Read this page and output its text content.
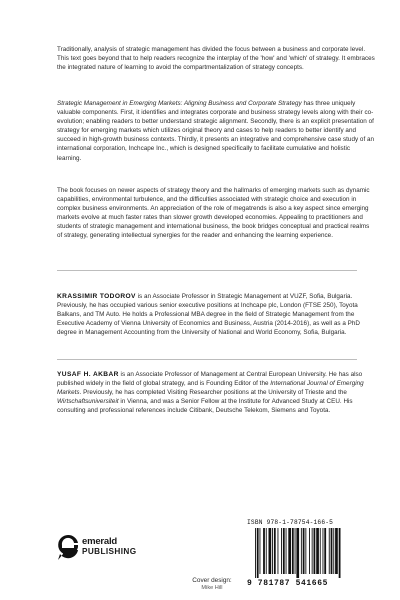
Traditionally, analysis of strategic management has divided the focus between a business and corporate level. This text goes beyond that to help readers recognize the interplay of the 'how' and 'which' of strategy. It embraces the integrated nature of learning to avoid the compartmentalization of strategy concepts.

Strategic Management in Emerging Markets: Aligning Business and Corporate Strategy has three uniquely valuable components. First, it identifies and integrates corporate and business strategy levels along with their co-evolution; enabling readers to better understand strategic alignment. Secondly, there is an explicit presentation of strategy for emerging markets which utilizes original theory and cases to help readers to better identify and succeed in high-growth business contexts. Thirdly, it presents an integrative and comprehensive case study of an international corporation, Inchcape Inc., which is designed specifically to facilitate cumulative and holistic learning.

The book focuses on newer aspects of strategy theory and the hallmarks of emerging markets such as dynamic capabilities, environmental turbulence, and the difficulties associated with strategic choice and execution in complex business environments. An appreciation of the role of megatrends is also a key aspect since emerging markets evolve at much faster rates than slower growth developed economies. Appealing to practitioners and students of strategic management and international business, the book bridges conceptual and practical realms of strategy, generating intellectual synergies for the reader and enhancing the learning experience.

KRASSIMIR TODOROV is an Associate Professor in Strategic Management at VUZF, Sofia, Bulgaria. Previously, he has occupied various senior executive positions at Inchcape plc, London (FTSE 250), Toyota Balkans, and TM Auto. He holds a Professional MBA degree in the field of Strategic Management from the Executive Academy of Vienna University of Economics and Business, Austria (2014-2016), as well as a PhD degree in Management Accounting from the University of National and World Economy, Sofia, Bulgaria.

YUSAF H. AKBAR is an Associate Professor of Management at Central European University. He has also published widely in the field of global strategy, and is Founding Editor of the International Journal of Emerging Markets. Previously, he has completed Visiting Researcher positions at the University of Trieste and the Wirtschaftsuniversiteit in Vienna, and was a Senior Fellow at the Institute for Advanced Study at CEU. His consulting and professional references include Citibank, Deutsche Telekom, Siemens and Toyota.

emerald
PUBLISHING
Cover design:
Mike Hill
ISBN 978-1-78754-166-5
9 781787 541665
